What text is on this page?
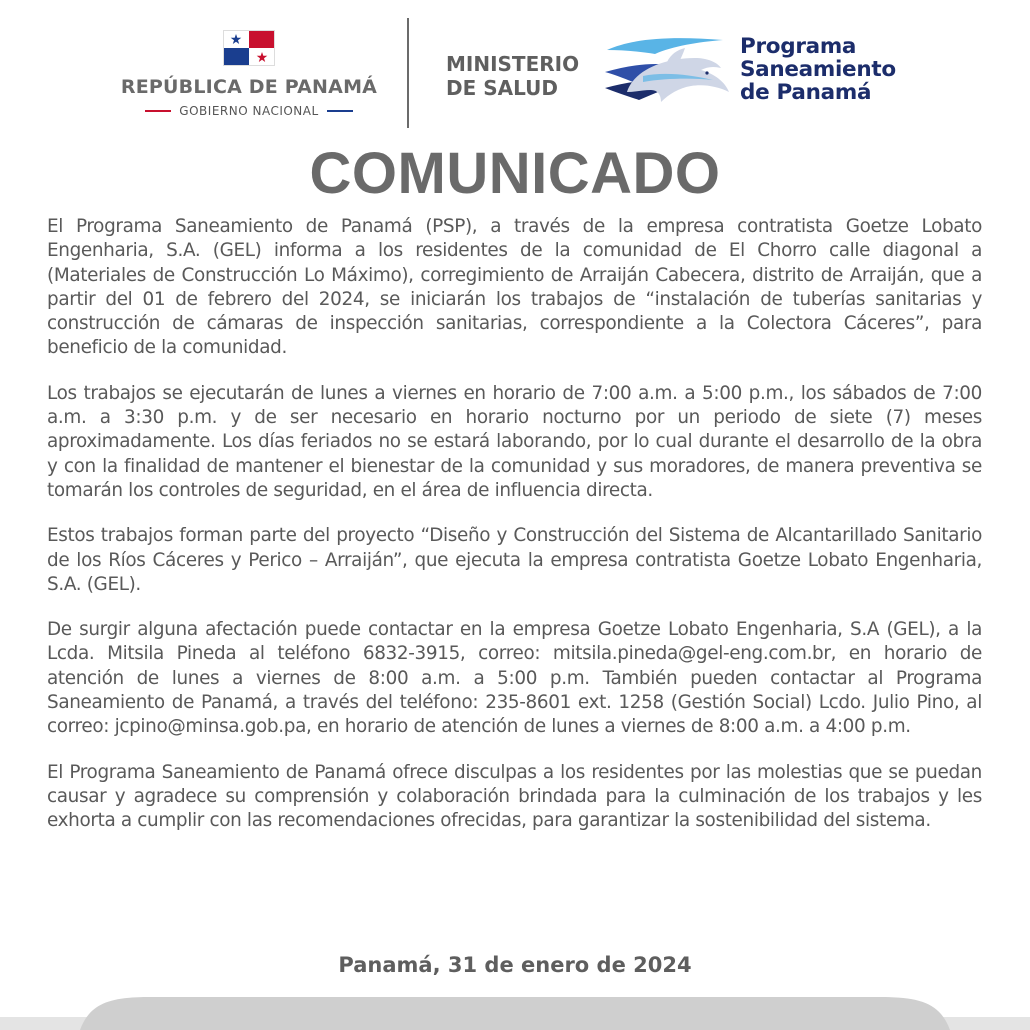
REPÚBLICA DE PANAMÁ
GOBIERNO NACIONAL
MINISTERIO
DE SALUD
Programa
Saneamiento
de Panamá
COMUNICADO

El Programa Saneamiento de Panamá (PSP), a través de la empresa contratista Goetze Lobato Engenharia, S.A. (GEL) informa a los residentes de la comunidad de El Chorro calle diagonal a (Materiales de Construcción Lo Máximo), corregimiento de Arraiján Cabecera, distrito de Arraiján, que a partir del 01 de febrero del 2024, se iniciarán los trabajos de “instalación de tuberías sanitarias y construcción de cámaras de inspección sanitarias, correspondiente a la Colectora Cáceres”, para beneficio de la comunidad.

Los trabajos se ejecutarán de lunes a viernes en horario de 7:00 a.m. a 5:00 p.m., los sábados de 7:00 a.m. a 3:30 p.m. y de ser necesario en horario nocturno por un periodo de siete (7) meses aproximadamente. Los días feriados no se estará laborando, por lo cual durante el desarrollo de la obra y con la finalidad de mantener el bienestar de la comunidad y sus moradores, de manera preventiva se tomarán los controles de seguridad, en el área de influencia directa.

Estos trabajos forman parte del proyecto “Diseño y Construcción del Sistema de Alcantarillado Sanitario de los Ríos Cáceres y Perico – Arraiján”, que ejecuta la empresa contratista Goetze Lobato Engenharia, S.A. (GEL).

De surgir alguna afectación puede contactar en la empresa Goetze Lobato Engenharia, S.A (GEL), a la Lcda. Mitsila Pineda al teléfono 6832-3915, correo: mitsila.pineda@gel-eng.com.br, en horario de atención de lunes a viernes de 8:00 a.m. a 5:00 p.m. También pueden contactar al Programa Saneamiento de Panamá, a través del teléfono: 235-8601 ext. 1258 (Gestión Social) Lcdo. Julio Pino, al correo: jcpino@minsa.gob.pa, en horario de atención de lunes a viernes de 8:00 a.m. a 4:00 p.m.

El Programa Saneamiento de Panamá ofrece disculpas a los residentes por las molestias que se puedan causar y agradece su comprensión y colaboración brindada para la culminación de los trabajos y les exhorta a cumplir con las recomendaciones ofrecidas, para garantizar la sostenibilidad del sistema.

Panamá, 31 de enero de 2024
